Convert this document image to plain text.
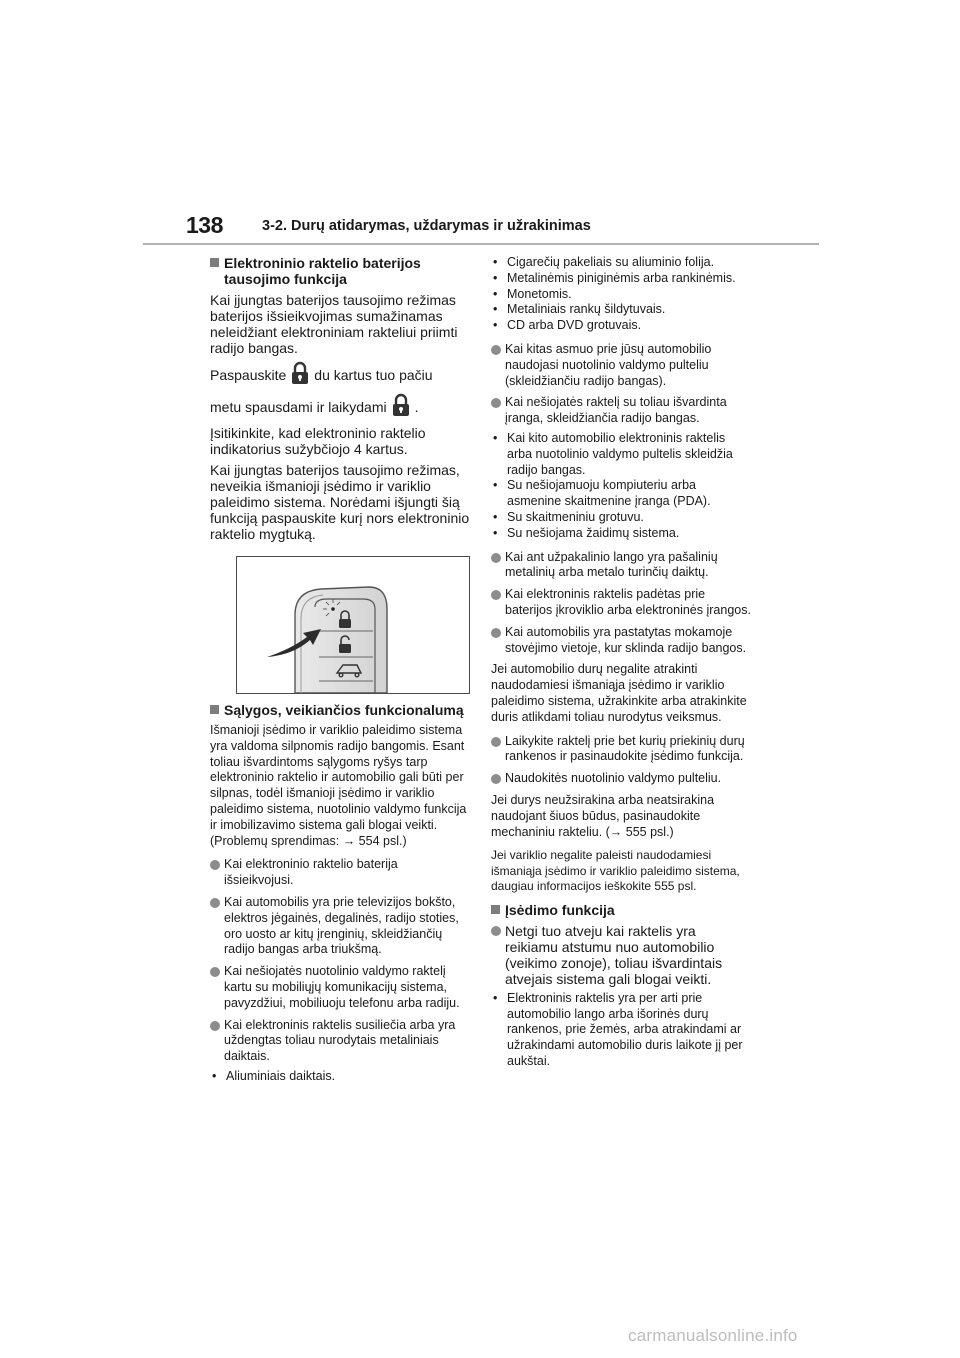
138	3-2. Durų atidarymas, uždarymas ir užrakinimas
Elektroninio raktelio baterijos tausojimo funkcija

Kai įjungtas baterijos tausojimo režimas baterijos išsieikvojimas sumažinamas neleidžiant elektroniniam rakteliui priimti radijo bangas.

Paspauskite du kartus tuo pačiu
metu spausdami ir laikydami .

Įsitikinkite, kad elektroninio raktelio indikatorius sužybčiojo 4 kartus.

Kai įjungtas baterijos tausojimo režimas, neveikia išmanioji įsėdimo ir variklio paleidimo sistema. Norėdami išjungti šią funkciją paspauskite kurį nors elektroninio raktelio mygtuką.

Sąlygos, veikiančios funkcionalumą

Išmanioji įsėdimo ir variklio paleidimo sistema yra valdoma silpnomis radijo bangomis. Esant toliau išvardintoms sąlygoms ryšys tarp elektroninio raktelio ir automobilio gali būti per silpnas, todėl išmanioji įsėdimo ir variklio paleidimo sistema, nuotolinio valdymo funkcija ir imobilizavimo sistema gali blogai veikti. (Problemų sprendimas: → 554 psl.)

Kai elektroninio raktelio baterija išsieikvojusi.
Kai automobilis yra prie televizijos bokšto, elektros jėgainės, degalinės, radijo stoties, oro uosto ar kitų įrenginių, skleidžiančių radijo bangas arba triukšmą.
Kai nešiojatės nuotolinio valdymo raktelį kartu su mobiliųjų komunikacijų sistema, pavyzdžiui, mobiliuoju telefonu arba radiju.
Kai elektroninis raktelis susiliečia arba yra uždengtas toliau nurodytais metaliniais daiktais.
• Aliuminiais daiktais.
• Cigarečių pakeliais su aliuminio folija.
• Metalinėmis piniginėmis arba rankinėmis.
• Monetomis.
• Metaliniais rankų šildytuvais.
• CD arba DVD grotuvais.
Kai kitas asmuo prie jūsų automobilio naudojasi nuotolinio valdymo pulteliu (skleidžiančiu radijo bangas).
Kai nešiojatės raktelį su toliau išvardinta įranga, skleidžiančia radijo bangas.
• Kai kito automobilio elektroninis raktelis arba nuotolinio valdymo pultelis skleidžia radijo bangas.
• Su nešiojamuoju kompiuteriu arba asmenine skaitmenine įranga (PDA).
• Su skaitmeniniu grotuvu.
• Su nešiojama žaidimų sistema.
Kai ant užpakalinio lango yra pašalinių metalinių arba metalo turinčių daiktų.
Kai elektroninis raktelis padėtas prie baterijos įkroviklio arba elektroninės įrangos.
Kai automobilis yra pastatytas mokamoje stovėjimo vietoje, kur sklinda radijo bangos.

Jei automobilio durų negalite atrakinti naudodamiesi išmaniąja įsėdimo ir variklio paleidimo sistema, užrakinkite arba atrakinkite duris atlikdami toliau nurodytus veiksmus.

Laikykite raktelį prie bet kurių priekinių durų rankenos ir pasinaudokite įsėdimo funkcija.
Naudokitės nuotolinio valdymo pulteliu.

Jei durys neužsirakina arba neatsirakina naudojant šiuos būdus, pasinaudokite mechaniniu rakteliu. (→ 555 psl.)

Jei variklio negalite paleisti naudodamiesi išmaniąja įsėdimo ir variklio paleidimo sistema, daugiau informacijos ieškokite 555 psl.

Įsėdimo funkcija
Netgi tuo atveju kai raktelis yra reikiamu atstumu nuo automobilio (veikimo zonoje), toliau išvardintais atvejais sistema gali blogai veikti.
• Elektroninis raktelis yra per arti prie automobilio lango arba išorinės durų rankenos, prie žemės, arba atrakindami ar užrakindami automobilio duris laikote jį per aukštai.
carmanualsonline.info
